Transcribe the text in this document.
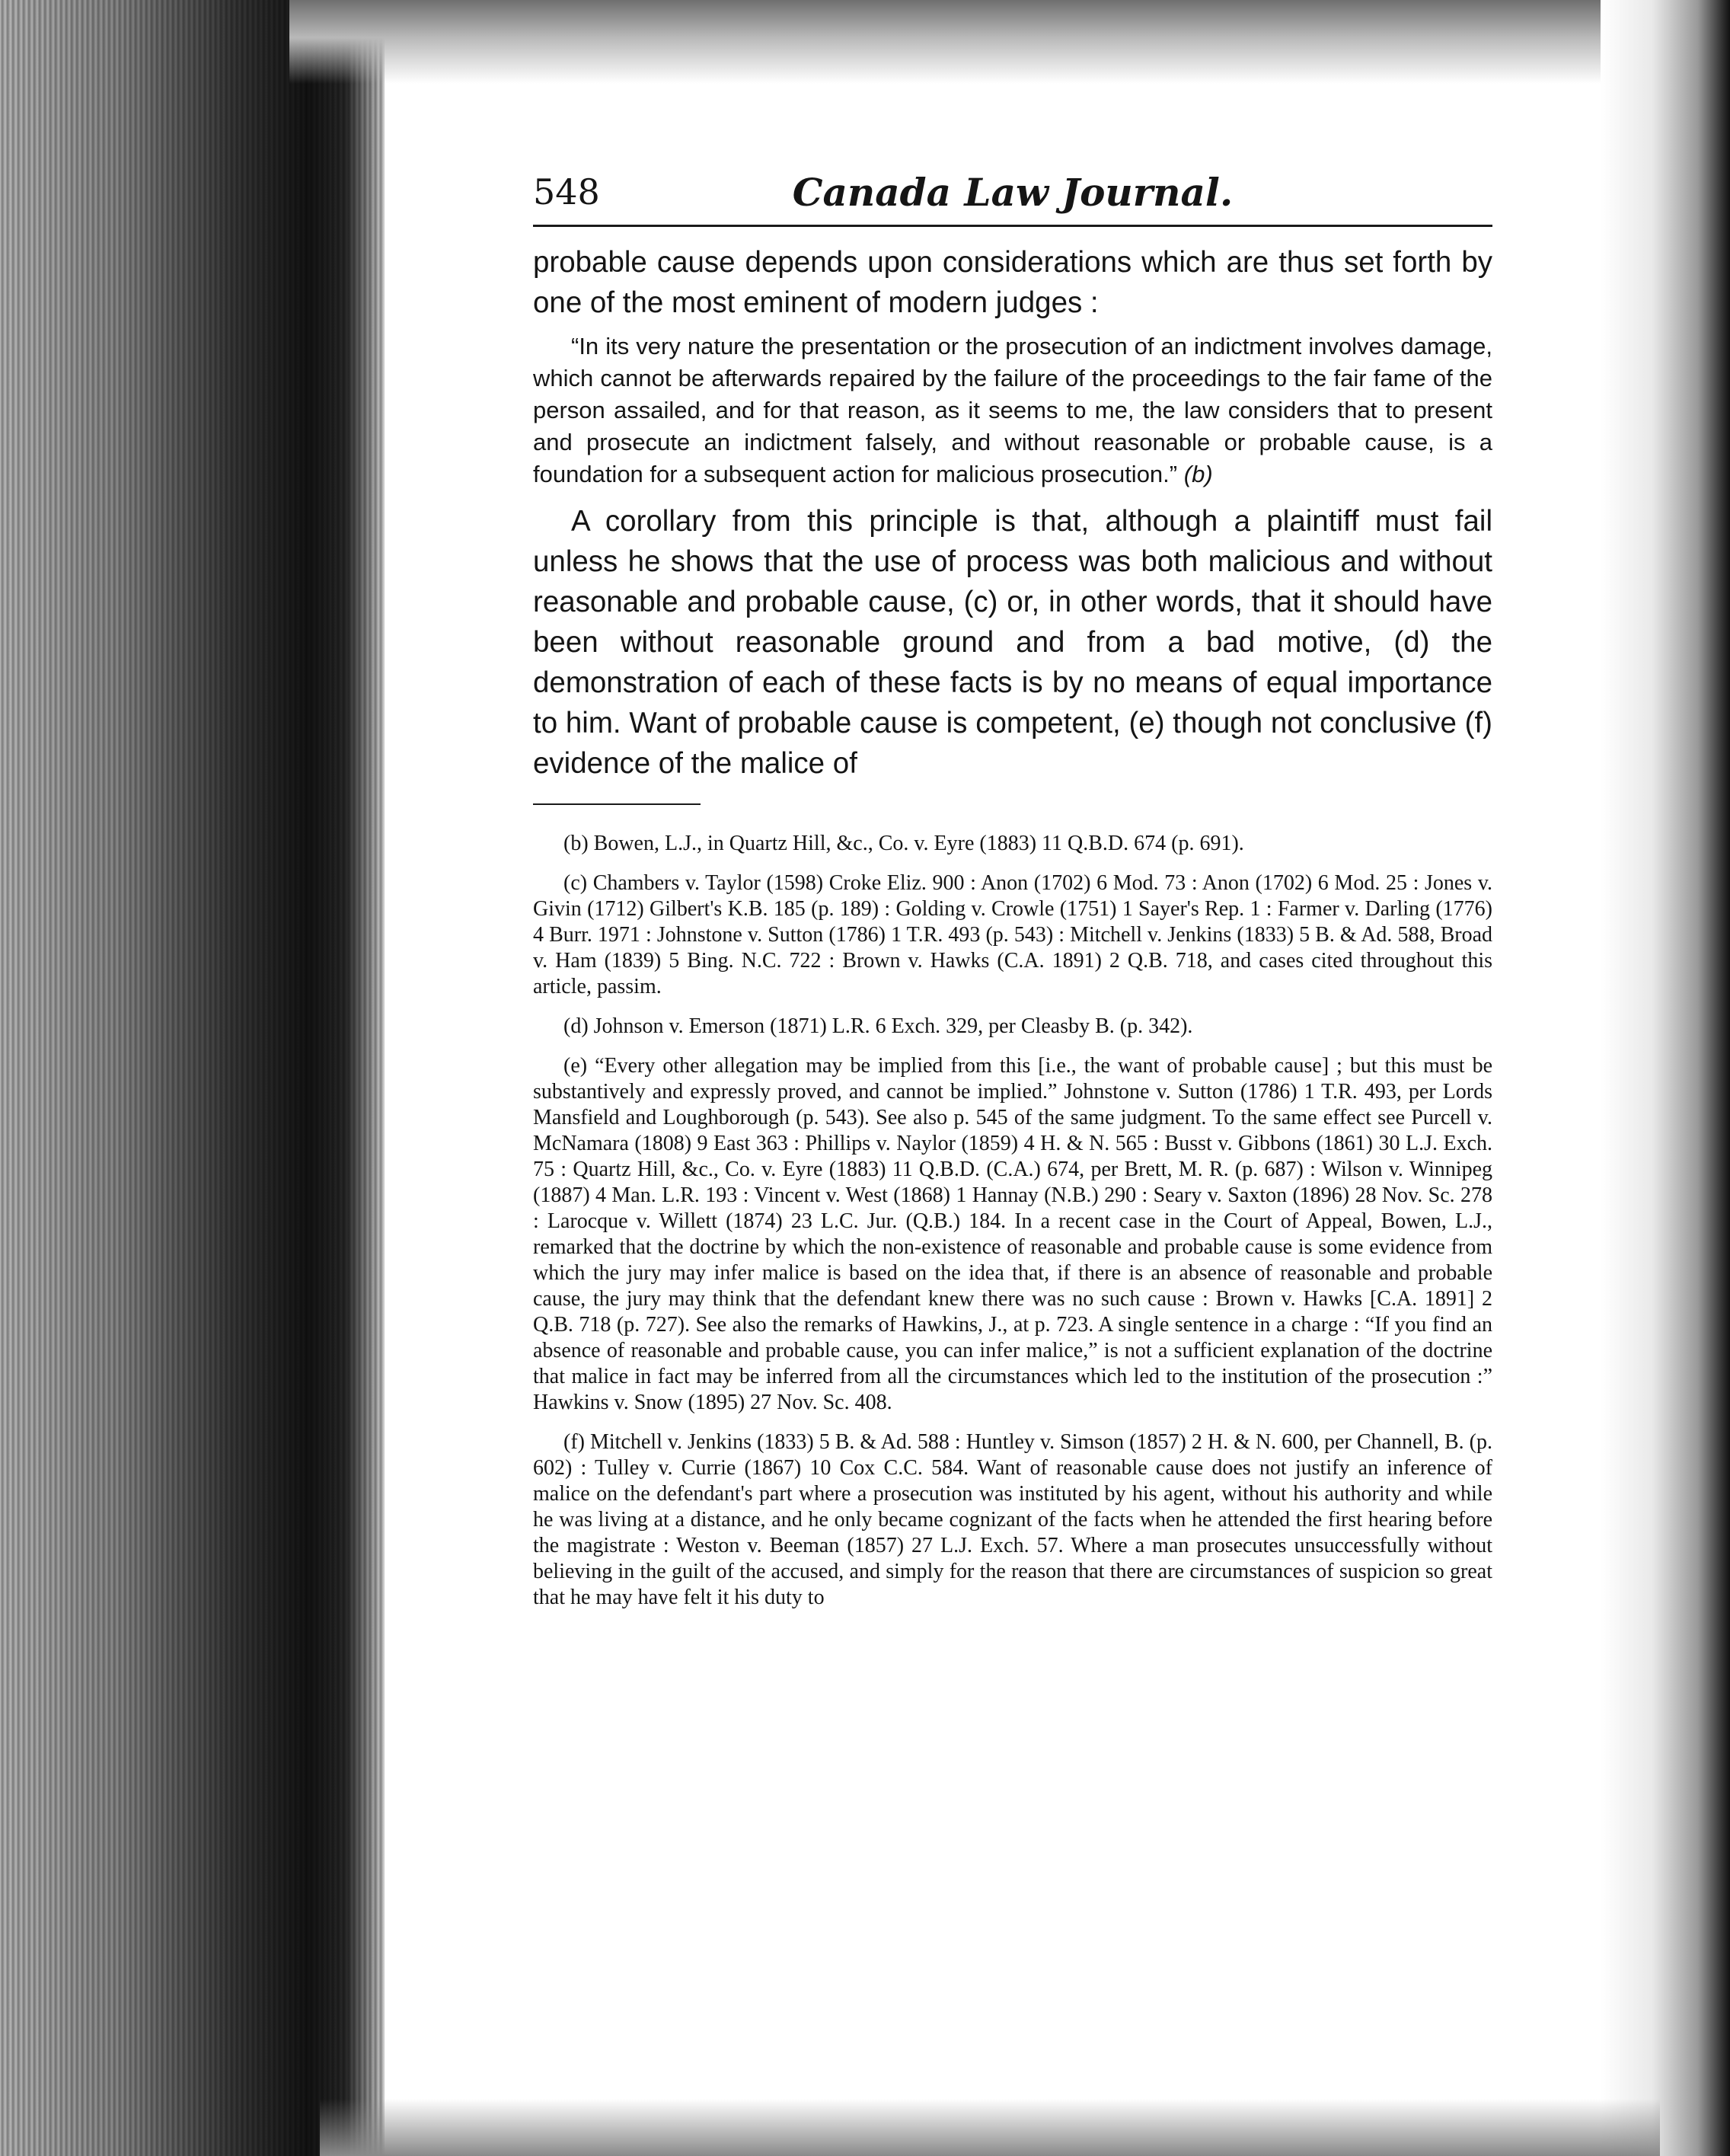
548	Canada Law Journal.

probable cause depends upon considerations which are thus set forth by one of the most eminent of modern judges :

“In its very nature the presentation or the prosecution of an indictment involves damage, which cannot be afterwards repaired by the failure of the proceedings to the fair fame of the person assailed, and for that reason, as it seems to me, the law considers that to present and prosecute an indictment falsely, and without reasonable or probable cause, is a foundation for a subsequent action for malicious prosecution.” (b)

A corollary from this principle is that, although a plaintiff must fail unless he shows that the use of process was both malicious and without reasonable and probable cause, (c) or, in other words, that it should have been without reasonable ground and from a bad motive, (d) the demonstration of each of these facts is by no means of equal importance to him. Want of probable cause is competent, (e) though not conclusive (f) evidence of the malice of

(b) Bowen, L.J., in Quartz Hill, &c., Co. v. Eyre (1883) 11 Q.B.D. 674 (p. 691).

(c) Chambers v. Taylor (1598) Croke Eliz. 900 : Anon (1702) 6 Mod. 73 : Anon (1702) 6 Mod. 25 : Jones v. Givin (1712) Gilbert's K.B. 185 (p. 189) : Golding v. Crowle (1751) 1 Sayer's Rep. 1 : Farmer v. Darling (1776) 4 Burr. 1971 : Johnstone v. Sutton (1786) 1 T.R. 493 (p. 543) : Mitchell v. Jenkins (1833) 5 B. & Ad. 588, Broad v. Ham (1839) 5 Bing. N.C. 722 : Brown v. Hawks (C.A. 1891) 2 Q.B. 718, and cases cited throughout this article, passim.

(d) Johnson v. Emerson (1871) L.R. 6 Exch. 329, per Cleasby B. (p. 342).

(e) “Every other allegation may be implied from this [i.e., the want of probable cause] ; but this must be substantively and expressly proved, and cannot be implied.” Johnstone v. Sutton (1786) 1 T.R. 493, per Lords Mansfield and Loughborough (p. 543). See also p. 545 of the same judgment. To the same effect see Purcell v. McNamara (1808) 9 East 363 : Phillips v. Naylor (1859) 4 H. & N. 565 : Busst v. Gibbons (1861) 30 L.J. Exch. 75 : Quartz Hill, &c., Co. v. Eyre (1883) 11 Q.B.D. (C.A.) 674, per Brett, M. R. (p. 687) : Wilson v. Winnipeg (1887) 4 Man. L.R. 193 : Vincent v. West (1868) 1 Hannay (N.B.) 290 : Seary v. Saxton (1896) 28 Nov. Sc. 278 : Larocque v. Willett (1874) 23 L.C. Jur. (Q.B.) 184. In a recent case in the Court of Appeal, Bowen, L.J., remarked that the doctrine by which the non-existence of reasonable and probable cause is some evidence from which the jury may infer malice is based on the idea that, if there is an absence of reasonable and probable cause, the jury may think that the defendant knew there was no such cause : Brown v. Hawks [C.A. 1891] 2 Q.B. 718 (p. 727). See also the remarks of Hawkins, J., at p. 723. A single sentence in a charge : “If you find an absence of reasonable and probable cause, you can infer malice,” is not a sufficient explanation of the doctrine that malice in fact may be inferred from all the circumstances which led to the institution of the prosecution :” Hawkins v. Snow (1895) 27 Nov. Sc. 408.

(f) Mitchell v. Jenkins (1833) 5 B. & Ad. 588 : Huntley v. Simson (1857) 2 H. & N. 600, per Channell, B. (p. 602) : Tulley v. Currie (1867) 10 Cox C.C. 584. Want of reasonable cause does not justify an inference of malice on the defendant's part where a prosecution was instituted by his agent, without his authority and while he was living at a distance, and he only became cognizant of the facts when he attended the first hearing before the magistrate : Weston v. Beeman (1857) 27 L.J. Exch. 57. Where a man prosecutes unsuccessfully without believing in the guilt of the accused, and simply for the reason that there are circumstances of suspicion so great that he may have felt it his duty to
